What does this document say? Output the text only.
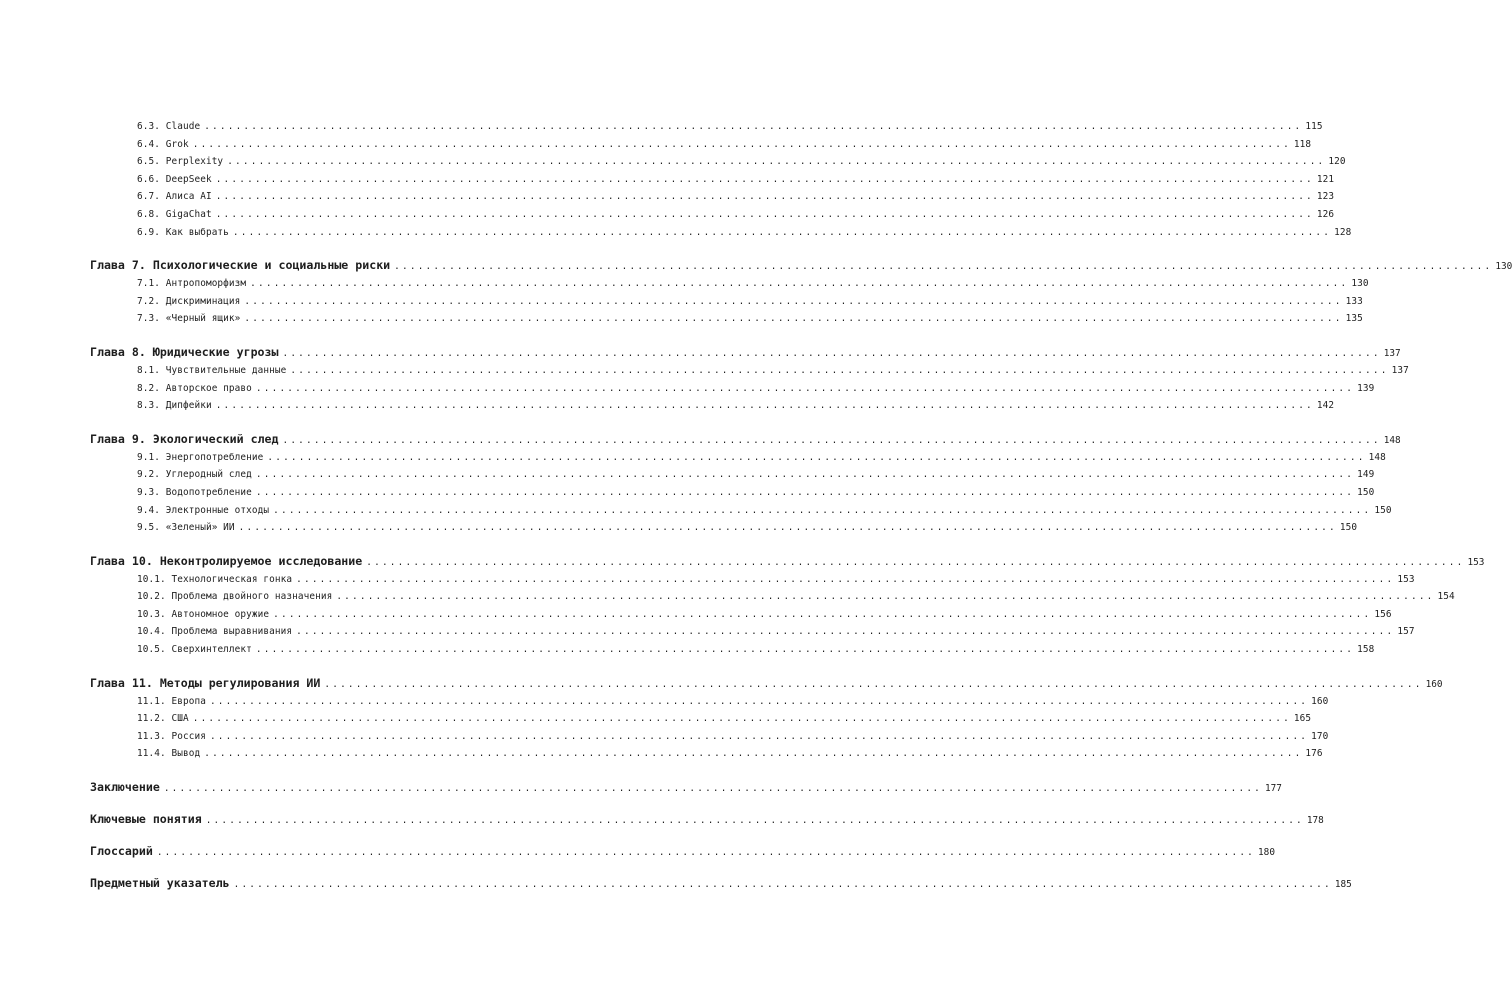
6.3.
Claude ............................................................................................................................................ 115
6.4.
Grok ............................................................................................................................................ 118
6.5.
Perplexity ............................................................................................................................................ 120
6.6.
DeepSeek ............................................................................................................................................ 121
6.7.
Алиса AI ............................................................................................................................................ 123
6.8.
GigaChat ............................................................................................................................................ 126
6.9.
Как выбрать ............................................................................................................................................ 128
Глава 7. Психологические и социальные риски ............................................................................................................................................ 130
7.1.
Антропоморфизм ............................................................................................................................................ 130
7.2.
Дискриминация ............................................................................................................................................ 133
7.3.
«Черный ящик» ............................................................................................................................................ 135
Глава 8. Юридические угрозы ............................................................................................................................................ 137
8.1.
Чувствительные данные ............................................................................................................................................ 137
8.2.
Авторское право ............................................................................................................................................ 139
8.3.
Дипфейки ............................................................................................................................................ 142
Глава 9. Экологический след ............................................................................................................................................ 148
9.1.
Энергопотребление ............................................................................................................................................ 148
9.2.
Углеродный след ............................................................................................................................................ 149
9.3.
Водопотребление ............................................................................................................................................ 150
9.4.
Электронные отходы ............................................................................................................................................ 150
9.5.
«Зеленый» ИИ ............................................................................................................................................ 150
Глава 10. Неконтролируемое исследование ............................................................................................................................................ 153
10.1.
Технологическая гонка ............................................................................................................................................ 153
10.2.
Проблема двойного назначения ............................................................................................................................................ 154
10.3.
Автономное оружие ............................................................................................................................................ 156
10.4.
Проблема выравнивания ............................................................................................................................................ 157
10.5.
Сверхинтеллект ............................................................................................................................................ 158
Глава 11. Методы регулирования ИИ ............................................................................................................................................ 160
11.1.
Европа ............................................................................................................................................ 160
11.2.
США ............................................................................................................................................ 165
11.3.
Россия ............................................................................................................................................ 170
11.4.
Вывод ............................................................................................................................................ 176
Заключение ............................................................................................................................................ 177
Ключевые понятия ............................................................................................................................................ 178
Глоссарий ............................................................................................................................................ 180
Предметный указатель ............................................................................................................................................ 185
